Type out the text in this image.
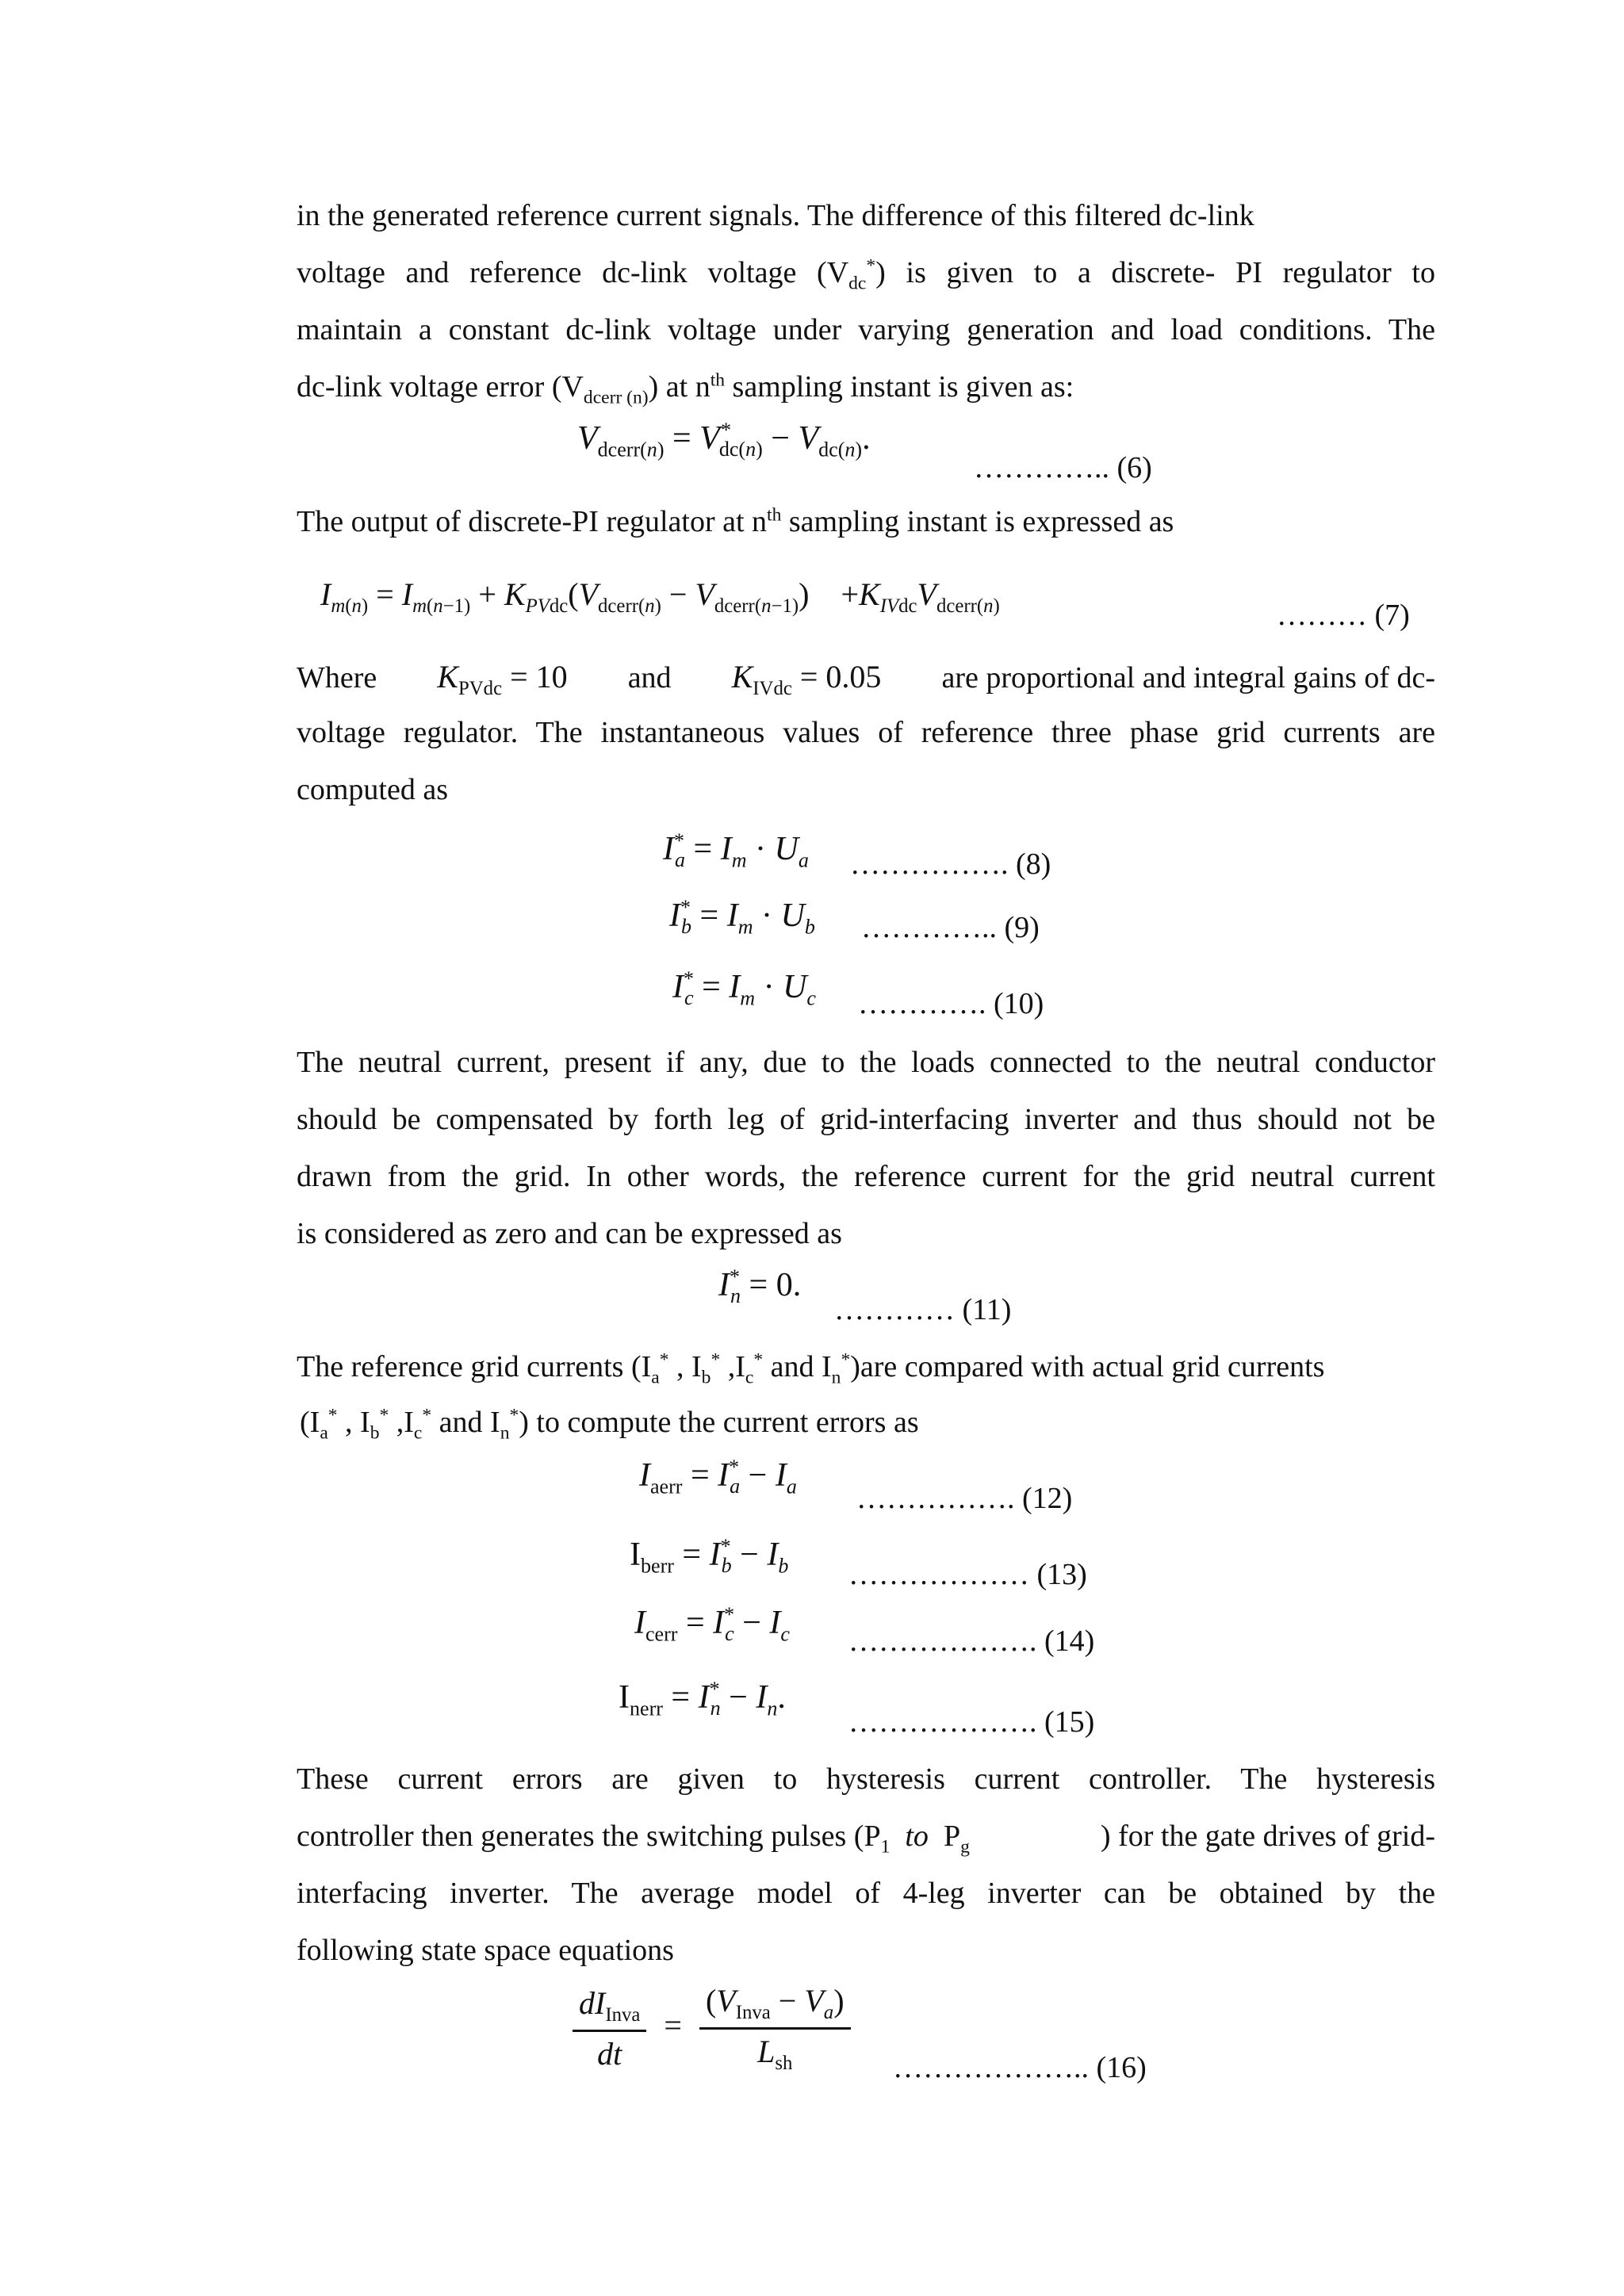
in the generated reference current signals. The difference of this filtered dc-link
voltage and reference dc-link voltage $(V_{dc}^*)$ is given to a discrete- PI regulator to
maintain a constant dc-link voltage under varying generation and load conditions. The
dc-link voltage error $(V_{dcerr (n)})$ at $n^{th}$ sampling instant is given as:
$V_{dcerr(n)} = V^*_{dc(n)} - V_{dc(n)}$.
………….. (6)
The output of discrete-PI regulator at $n^{th}$ sampling instant is expressed as
$I_{m(n)} = I_{m(n-1)} + K_{PVdc}(V_{dcerr(n)} - V_{dcerr(n-1)}) +K_{IVdc}V_{dcerr(n)}$	……… (7)
Where $K_{PVdc} = 10$ and $K_{IVdc} = 0.05$ are proportional and integral gains of dc-
voltage regulator. The instantaneous values of reference three phase grid currents are
computed as
$I^*_a = I_m \cdot U_a$ ……………. (8)
$I^*_b = I_m \cdot U_b$ ………….. (9)
$I^*_c = I_m \cdot U_c$ …………. (10)
The neutral current, present if any, due to the loads connected to the neutral conductor
should be compensated by forth leg of grid-interfacing inverter and thus should not be
drawn from the grid. In other words, the reference current for the grid neutral current
is considered as zero and can be expressed as
$I^*_n = 0$.
………… (11)
The reference grid currents ($I_a^*$ , $I_b^*$ $,I_c^*$ and $I_n^*)are$ compared with actual grid currents
($I_a^*$ , $I_b^*$ $,I_c^*$ and $I_n^*$) to compute the current errors as
$I_{aerr} = I^*_a - I_a$ ……………. (12)
$I_{berr} = I^*_b - I_b$ ……………… (13)
$I_{cerr} = I^*_c - I_c$ ………………. (14)
$I_{nerr} = I^*_n - I_n$.
………………. (15)
These current errors are given to hysteresis current controller. The hysteresis
controller then generates the switching pulses ($P_1$ to $P_g$	) for the gate drives of grid-
interfacing inverter. The average model of 4-leg inverter can be obtained by the
following state space equations
$\frac{dI_{Inva}}{dt} = \frac{(V_{Inva} - V_a)}{L_{sh}}$ ……………….. (16)
